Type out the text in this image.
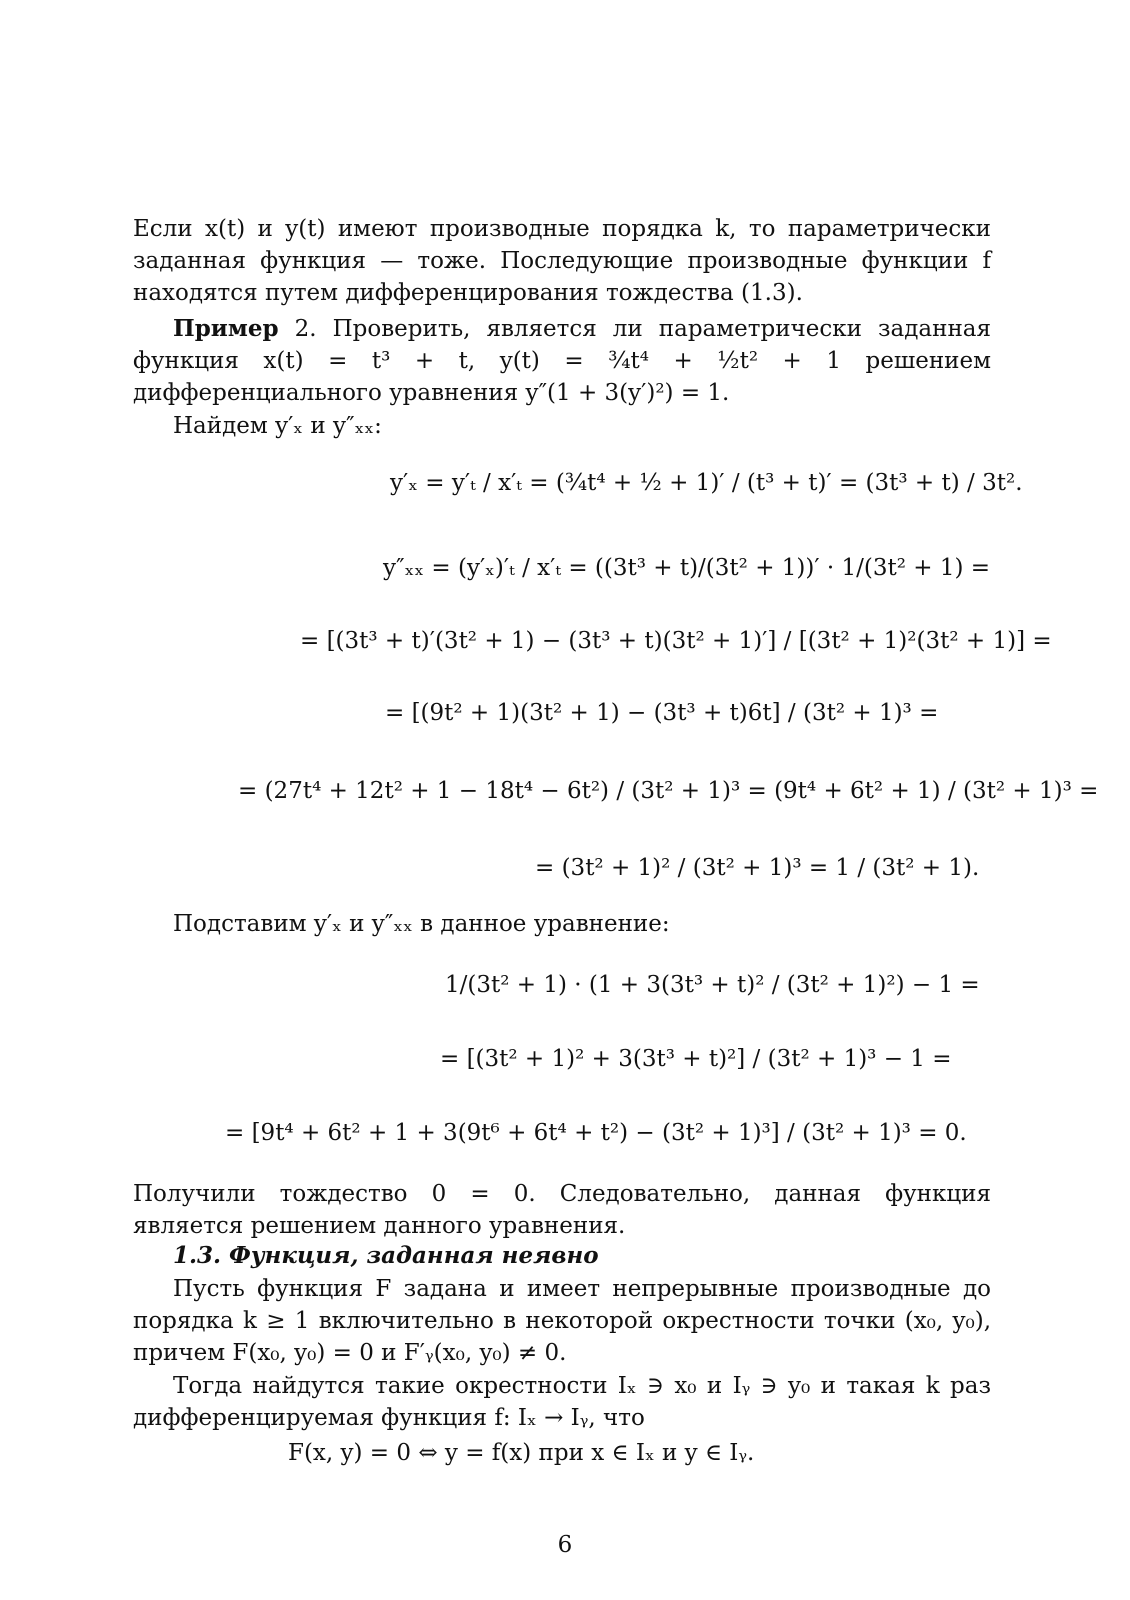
Если x(t) и y(t) имеют производные порядка k, то параметрически заданная функция — тоже. Последующие производные функции f находятся путем дифференцирования тождества (1.3).

Пример 2. Проверить, является ли параметрически заданная функция x(t) = t³ + t, y(t) = ¾t⁴ + ½t² + 1 решением дифференциального уравнения y″(1 + 3(y′)²) = 1.

Найдем y′ₓ и y″ₓₓ:

y′ₓ = y′ₜ / x′ₜ = (¾t⁴ + ½ + 1)′ / (t³ + t)′ = (3t³ + t) / 3t².
y″ₓₓ = (y′ₓ)′ₜ / x′ₜ = ((3t³ + t)/(3t² + 1))′ · 1/(3t² + 1) =
= [(3t³ + t)′(3t² + 1) − (3t³ + t)(3t² + 1)′] / [(3t² + 1)²(3t² + 1)] =
= [(9t² + 1)(3t² + 1) − (3t³ + t)6t] / (3t² + 1)³ =
= (27t⁴ + 12t² + 1 − 18t⁴ − 6t²) / (3t² + 1)³ = (9t⁴ + 6t² + 1) / (3t² + 1)³ =
= (3t² + 1)² / (3t² + 1)³ = 1 / (3t² + 1).

Подставим y′ₓ и y″ₓₓ в данное уравнение:

1/(3t² + 1) · (1 + 3(3t³ + t)² / (3t² + 1)²) − 1 =
= [(3t² + 1)² + 3(3t³ + t)²] / (3t² + 1)³ − 1 =
= [9t⁴ + 6t² + 1 + 3(9t⁶ + 6t⁴ + t²) − (3t² + 1)³] / (3t² + 1)³ = 0.

Получили тождество 0 = 0. Следовательно, данная функция является решением данного уравнения.

1.3. Функция, заданная неявно

Пусть функция F задана и имеет непрерывные производные до порядка k ≥ 1 включительно в некоторой окрестности точки (x₀, y₀), причем F(x₀, y₀) = 0 и F′ᵧ(x₀, y₀) ≠ 0.

Тогда найдутся такие окрестности Iₓ ∋ x₀ и Iᵧ ∋ y₀ и такая k раз дифференцируемая функция f: Iₓ → Iᵧ, что

F(x, y) = 0 ⇔ y = f(x) при x ∈ Iₓ и y ∈ Iᵧ.
6
